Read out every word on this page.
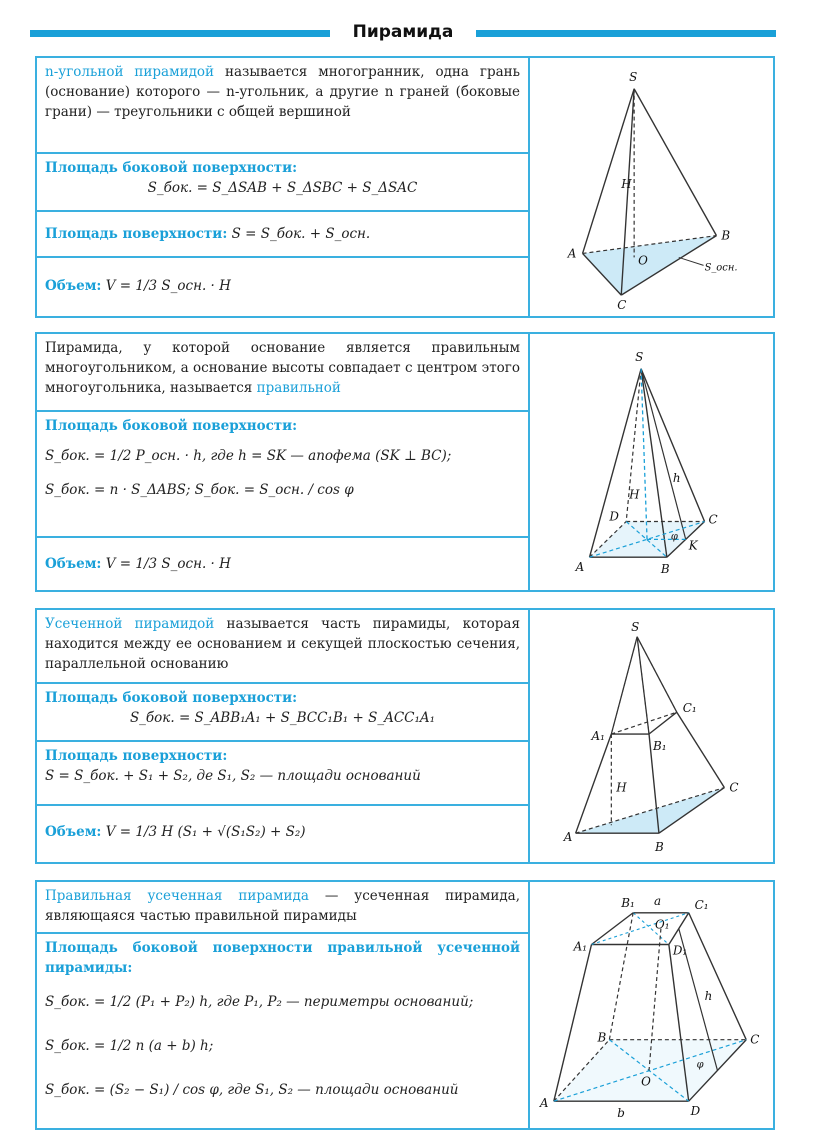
Пирамида
n-угольной пирамидой называется многогранник, одна грань (основание) которого — n-угольник, а другие n граней (боковые грани) — треугольники с общей вершиной
Площадь боковой поверхности:
S_бок. = S_ΔSAB + S_ΔSBC + S_ΔSAC
Площадь поверхности: S = S_бок. + S_осн.
Объем: V = 1/3 S_осн. · H
S
H
A
B
C
O
S_осн.
Пирамида, у которой основание является правильным многоугольником, а основание высоты совпадает с центром этого многоугольника, называется правильной
Площадь боковой поверхности:
S_бок. = 1/2 P_осн. · h, где h = SK — апофема (SK ⊥ BC);
S_бок. = n · S_ΔABS; S_бок. = S_осн. / cos φ
Объем: V = 1/3 S_осн. · H
S
H
h
A	B
C
D
K
φ
Усеченной пирамидой называется часть пирамиды, которая находится между ее основанием и секущей плоскостью сечения, параллельной основанию
Площадь боковой поверхности:
S_бок. = S_ABB₁A₁ + S_BCC₁B₁ + S_ACC₁A₁
Площадь поверхности:
S = S_бок. + S₁ + S₂, де S₁, S₂ — площади оснований
Объем: V = 1/3 H (S₁ + √(S₁S₂) + S₂)
S
H
A
B
C
A₁
B₁
C₁
Правильная усеченная пирамида — усеченная пирамида, являющаяся частью правильной пирамиды
Площадь боковой поверхности правильной усеченной пирамиды:
S_бок. = 1/2 (P₁ + P₂) h, где P₁, P₂ — периметры оснований;
S_бок. = 1/2 n (a + b) h;
S_бок. = (S₂ − S₁) / cos φ, где S₁, S₂ — площади оснований
B₁	C₁
a
O₁
A₁	D₁
h
B	C
O
φ
A
D
b
